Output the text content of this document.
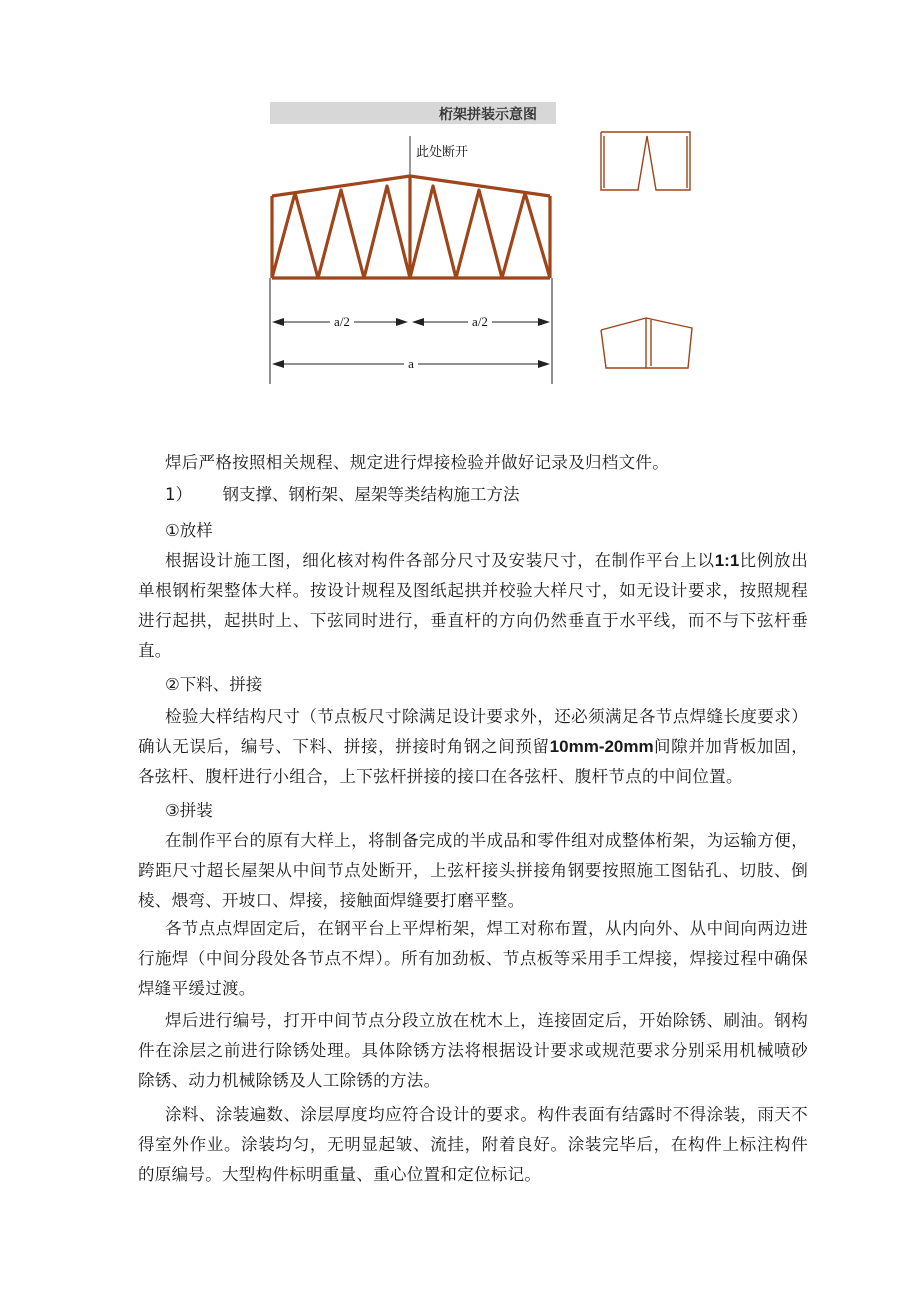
桁架拼装示意图
此处断开
a/2	a/2
a

焊后严格按照相关规程、规定进行焊接检验并做好记录及归档文件。

1） 钢支撑、钢桁架、屋架等类结构施工方法
①放样

根据设计施工图，细化核对构件各部分尺寸及安装尺寸，在制作平台上以1:1比例放出单根钢桁架整体大样。按设计规程及图纸起拱并校验大样尺寸，如无设计要求，按照规程进行起拱，起拱时上、下弦同时进行，垂直杆的方向仍然垂直于水平线，而不与下弦杆垂直。

②下料、拼接

检验大样结构尺寸（节点板尺寸除满足设计要求外，还必须满足各节点焊缝长度要求）确认无误后，编号、下料、拼接，拼接时角钢之间预留10mm-20mm间隙并加背板加固，各弦杆、腹杆进行小组合，上下弦杆拼接的接口在各弦杆、腹杆节点的中间位置。

③拼装

在制作平台的原有大样上，将制备完成的半成品和零件组对成整体桁架，为运输方便，跨距尺寸超长屋架从中间节点处断开，上弦杆接头拼接角钢要按照施工图钻孔、切肢、倒棱、煨弯、开坡口、焊接，接触面焊缝要打磨平整。

各节点点焊固定后，在钢平台上平焊桁架，焊工对称布置，从内向外、从中间向两边进行施焊（中间分段处各节点不焊）。所有加劲板、节点板等采用手工焊接，焊接过程中确保焊缝平缓过渡。

焊后进行编号，打开中间节点分段立放在枕木上，连接固定后，开始除锈、刷油。钢构件在涂层之前进行除锈处理。具体除锈方法将根据设计要求或规范要求分别采用机械喷砂除锈、动力机械除锈及人工除锈的方法。

涂料、涂装遍数、涂层厚度均应符合设计的要求。构件表面有结露时不得涂装，雨天不得室外作业。涂装均匀，无明显起皱、流挂，附着良好。涂装完毕后，在构件上标注构件的原编号。大型构件标明重量、重心位置和定位标记。
